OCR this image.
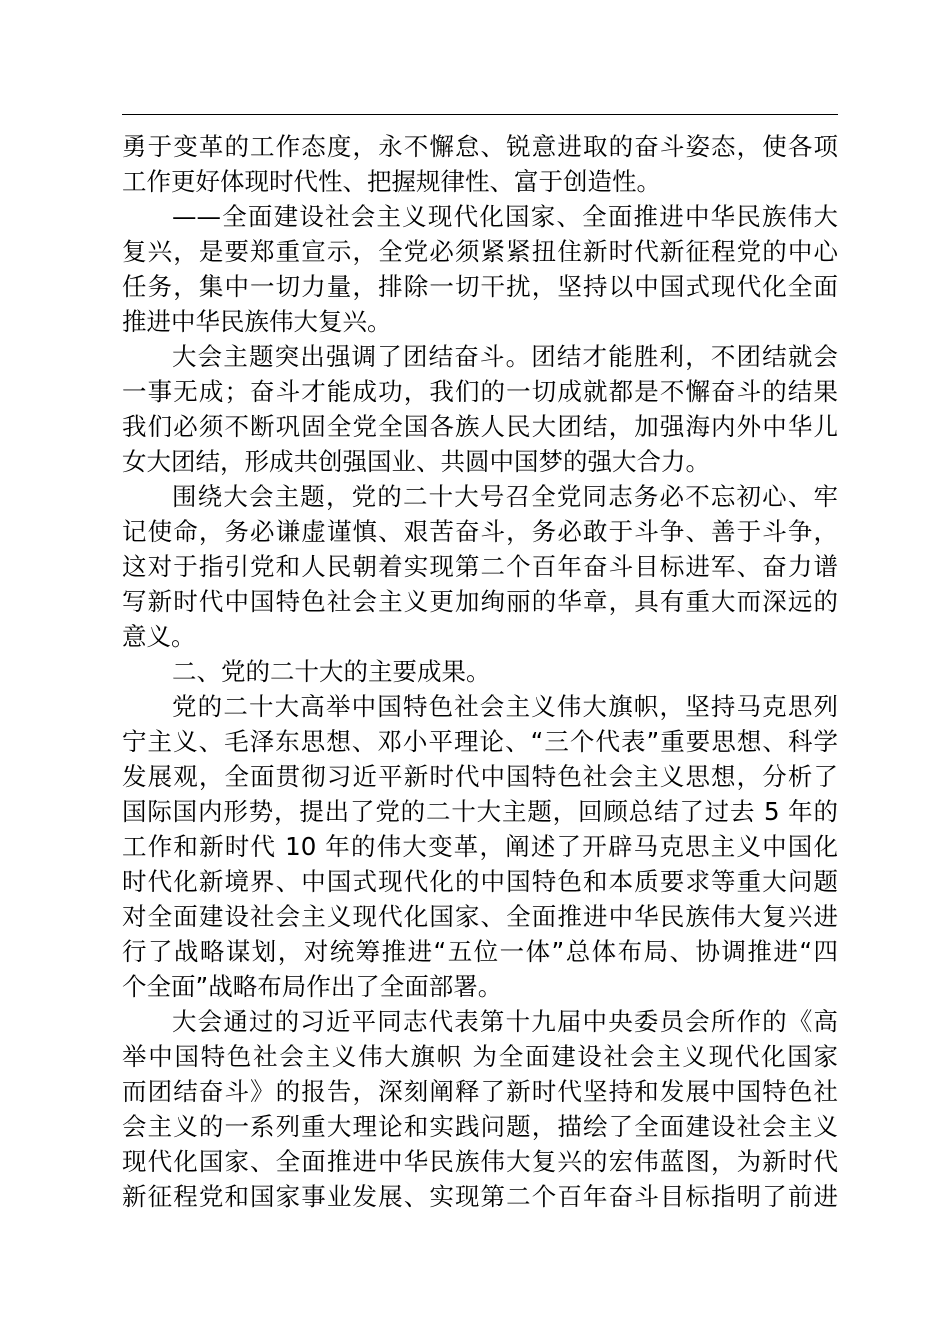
勇于变革的工作态度，永不懈怠、锐意进取的奋斗姿态，使各项
工作更好体现时代性、把握规律性、富于创造性。
——全面建设社会主义现代化国家、全面推进中华民族伟大
复兴，是要郑重宣示，全党必须紧紧扭住新时代新征程党的中心
任务，集中一切力量，排除一切干扰，坚持以中国式现代化全面
推进中华民族伟大复兴。
大会主题突出强调了团结奋斗。团结才能胜利，不团结就会
一事无成；奋斗才能成功，我们的一切成就都是不懈奋斗的结果
我们必须不断巩固全党全国各族人民大团结，加强海内外中华儿
女大团结，形成共创强国业、共圆中国梦的强大合力。
围绕大会主题，党的二十大号召全党同志务必不忘初心、牢
记使命，务必谦虚谨慎、艰苦奋斗，务必敢于斗争、善于斗争，
这对于指引党和人民朝着实现第二个百年奋斗目标进军、奋力谱
写新时代中国特色社会主义更加绚丽的华章，具有重大而深远的
意义。
二、党的二十大的主要成果。
党的二十大高举中国特色社会主义伟大旗帜，坚持马克思列
宁主义、毛泽东思想、邓小平理论、“三个代表”重要思想、科学
发展观，全面贯彻习近平新时代中国特色社会主义思想，分析了
国际国内形势，提出了党的二十大主题，回顾总结了过去 5 年的
工作和新时代 10 年的伟大变革，阐述了开辟马克思主义中国化
时代化新境界、中国式现代化的中国特色和本质要求等重大问题
对全面建设社会主义现代化国家、全面推进中华民族伟大复兴进
行了战略谋划，对统筹推进“五位一体”总体布局、协调推进“四
个全面”战略布局作出了全面部署。
大会通过的习近平同志代表第十九届中央委员会所作的《高
举中国特色社会主义伟大旗帜 为全面建设社会主义现代化国家
而团结奋斗》的报告，深刻阐释了新时代坚持和发展中国特色社
会主义的一系列重大理论和实践问题，描绘了全面建设社会主义
现代化国家、全面推进中华民族伟大复兴的宏伟蓝图，为新时代
新征程党和国家事业发展、实现第二个百年奋斗目标指明了前进
